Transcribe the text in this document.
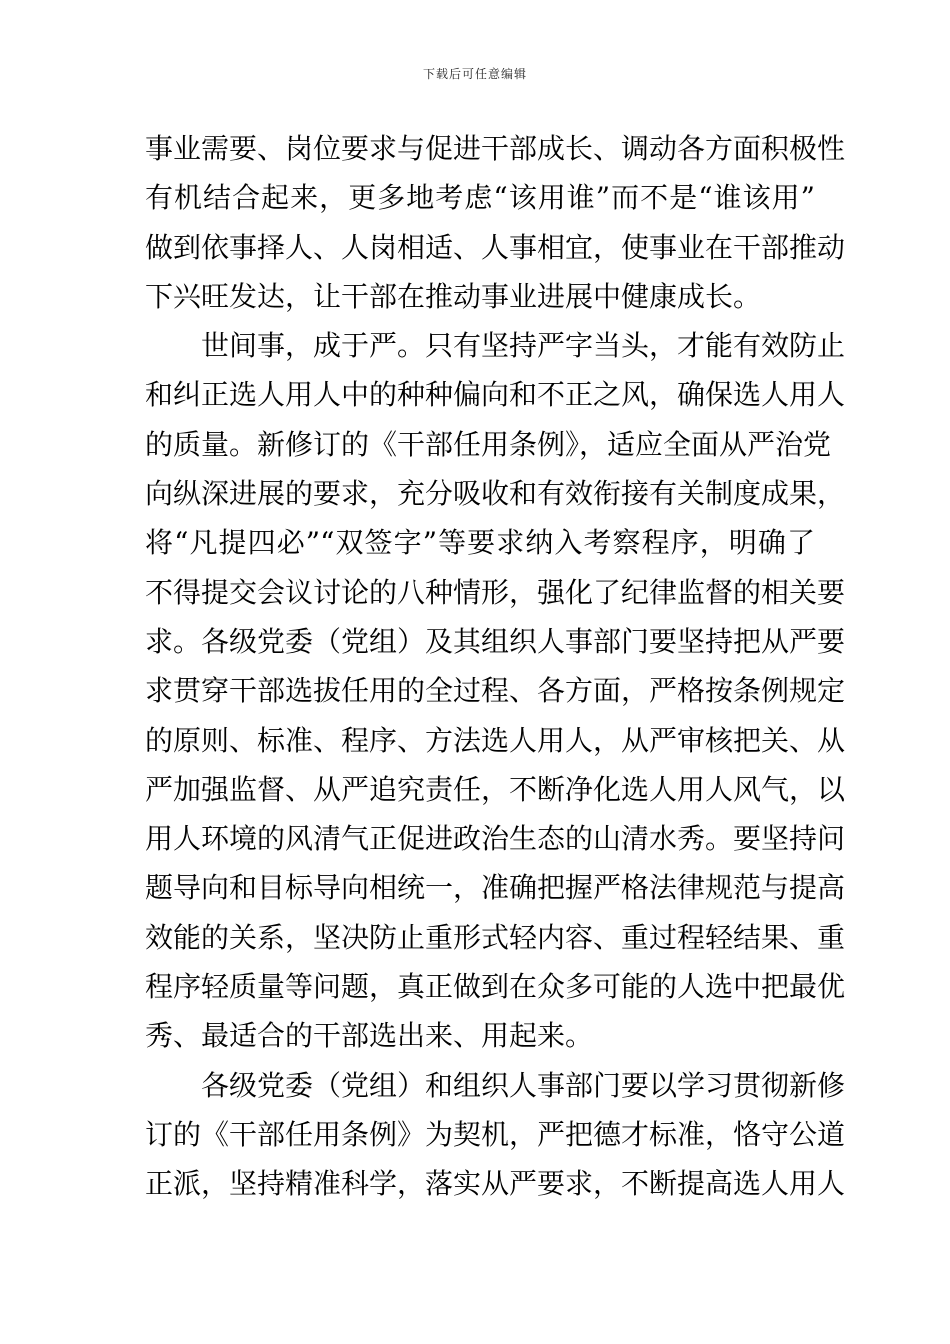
下载后可任意编辑
事业需要、岗位要求与促进干部成长、调动各方面积极性
有机结合起来，更多地考虑“该用谁”而不是“谁该用”
做到依事择人、人岗相适、人事相宜，使事业在干部推动
下兴旺发达，让干部在推动事业进展中健康成长。
世间事，成于严。只有坚持严字当头，才能有效防止
和纠正选人用人中的种种偏向和不正之风，确保选人用人
的质量。新修订的《干部任用条例》，适应全面从严治党
向纵深进展的要求，充分吸收和有效衔接有关制度成果，
将“凡提四必”“双签字”等要求纳入考察程序，明确了
不得提交会议讨论的八种情形，强化了纪律监督的相关要
求。各级党委（党组）及其组织人事部门要坚持把从严要
求贯穿干部选拔任用的全过程、各方面，严格按条例规定
的原则、标准、程序、方法选人用人，从严审核把关、从
严加强监督、从严追究责任，不断净化选人用人风气，以
用人环境的风清气正促进政治生态的山清水秀。要坚持问
题导向和目标导向相统一，准确把握严格法律规范与提高
效能的关系，坚决防止重形式轻内容、重过程轻结果、重
程序轻质量等问题，真正做到在众多可能的人选中把最优
秀、最适合的干部选出来、用起来。
各级党委（党组）和组织人事部门要以学习贯彻新修
订的《干部任用条例》为契机，严把德才标准，恪守公道
正派，坚持精准科学，落实从严要求，不断提高选人用人
